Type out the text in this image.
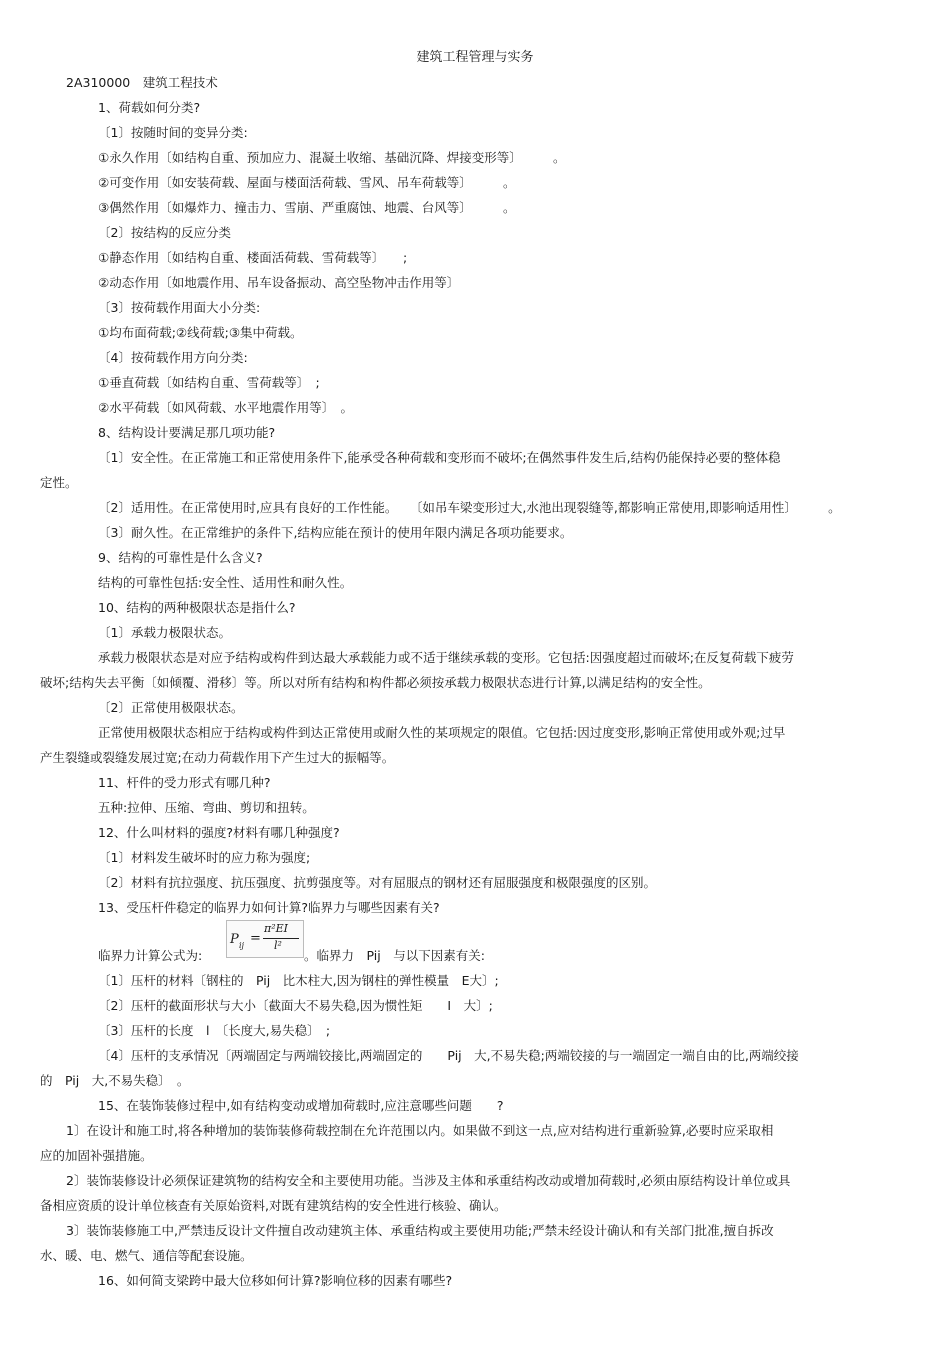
建筑工程管理与实务
2A310000　建筑工程技术
1、荷载如何分类?
〔1〕按随时间的变异分类:
①永久作用〔如结构自重、预加应力、混凝土收缩、基础沉降、焊接变形等〕　　　。
②可变作用〔如安装荷载、屋面与楼面活荷载、雪风、吊车荷载等〕　　　。
③偶然作用〔如爆炸力、撞击力、雪崩、严重腐蚀、地震、台风等〕　　　。
〔2〕按结构的反应分类
①静态作用〔如结构自重、楼面活荷载、雪荷载等〕　　;
②动态作用〔如地震作用、吊车设备振动、高空坠物冲击作用等〕
〔3〕按荷载作用面大小分类:
①均布面荷载;②线荷载;③集中荷载。
〔4〕按荷载作用方向分类:
①垂直荷载〔如结构自重、雪荷载等〕　;
②水平荷载〔如风荷载、水平地震作用等〕　。
8、结构设计要满足那几项功能?
〔1〕安全性。在正常施工和正常使用条件下,能承受各种荷载和变形而不破坏;在偶然事件发生后,结构仍能保持必要的整体稳
定性。
〔2〕适用性。在正常使用时,应具有良好的工作性能。　　〔如吊车梁变形过大,水池出现裂缝等,都影响正常使用,即影响适用性〕　　　。
〔3〕耐久性。在正常维护的条件下,结构应能在预计的使用年限内满足各项功能要求。
9、结构的可靠性是什么含义?
结构的可靠性包括:安全性、适用性和耐久性。
10、结构的两种极限状态是指什么?
〔1〕承载力极限状态。
承载力极限状态是对应予结构或构件到达最大承载能力或不适于继续承载的变形。它包括:因强度超过而破坏;在反复荷载下疲劳
破坏;结构失去平衡〔如倾覆、滑移〕等。所以对所有结构和构件都必须按承载力极限状态进行计算,以满足结构的安全性。
〔2〕正常使用极限状态。
正常使用极限状态相应于结构或构件到达正常使用或耐久性的某项规定的限值。它包括:因过度变形,影响正常使用或外观;过早
产生裂缝或裂缝发展过宽;在动力荷载作用下产生过大的振幅等。
11、杆件的受力形式有哪几种?
五种:拉伸、压缩、弯曲、剪切和扭转。
12、什么叫材料的强度?材料有哪几种强度?
〔1〕材料发生破坏时的应力称为强度;
〔2〕材料有抗拉强度、抗压强度、抗剪强度等。对有屈服点的钢材还有屈服强度和极限强度的区别。
13、受压杆件稳定的临界力如何计算?临界力与哪些因素有关?
临界力计算公式为:	。临界力　Pij　与以下因素有关:
〔1〕压杆的材料〔钢柱的　Pij　比木柱大,因为钢柱的弹性模量　E大〕;
〔2〕压杆的截面形状与大小〔截面大不易失稳,因为惯性矩　　I　大〕;
〔3〕压杆的长度　l　〔长度大,易失稳〕　;
〔4〕压杆的支承情况〔两端固定与两端铰接比,两端固定的　　Pij　大,不易失稳;两端铰接的与一端固定一端自由的比,两端绞接
的　Pij　大,不易失稳〕　。
15、在装饰装修过程中,如有结构变动或增加荷载时,应注意哪些问题　　?
1〕在设计和施工时,将各种增加的装饰装修荷载控制在允许范围以内。如果做不到这一点,应对结构进行重新验算,必要时应采取相
应的加固补强措施。
2〕装饰装修设计必须保证建筑物的结构安全和主要使用功能。当涉及主体和承重结构改动或增加荷载时,必须由原结构设计单位或具
备相应资质的设计单位核查有关原始资料,对既有建筑结构的安全性进行核验、确认。
3〕装饰装修施工中,严禁违反设计文件擅自改动建筑主体、承重结构或主要使用功能;严禁未经设计确认和有关部门批准,擅自拆改
水、暖、电、燃气、通信等配套设施。
16、如何简支梁跨中最大位移如何计算?影响位移的因素有哪些?
P ij =
π²EI
l²
